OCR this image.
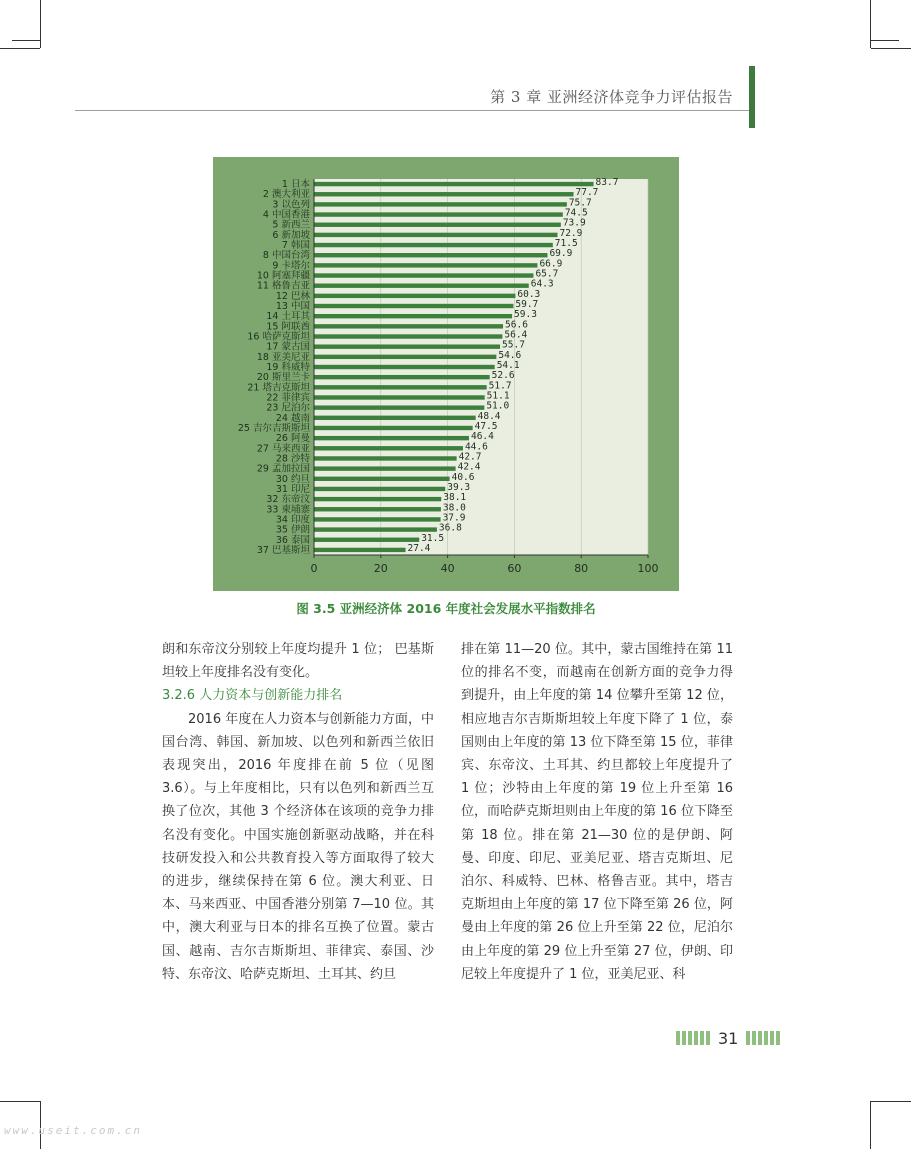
第 3 章 亚洲经济体竞争力评估报告
1 日本	83.7
2 澳大利亚	77.7
3 以色列	75.7
4 中国香港	74.5
5 新西兰	73.9
6 新加坡	72.9
7 韩国	71.5
8 中国台湾	69.9
9 卡塔尔	66.9
10 阿塞拜疆	65.7
11 格鲁吉亚	64.3
12 巴林	60.3
13 中国	59.7
14 土耳其	59.3
15 阿联酋	56.6
16 哈萨克斯坦	56.4
17 蒙古国	55.7
18 亚美尼亚	54.6
19 科威特	54.1
20 斯里兰卡	52.6
21 塔吉克斯坦	51.7
22 菲律宾	51.1
23 尼泊尔	51.0
24 越南	48.4
25 吉尔吉斯斯坦	47.5
26 阿曼	46.4
27 马来西亚	44.6
28 沙特	42.7
29 孟加拉国	42.4
30 约旦	40.6
31 印尼	39.3
32 东帝汶	38.1
33 柬埔寨	38.0
34 印度	37.9
35 伊朗	36.8
36 泰国	31.5
37 巴基斯坦	27.4
0	20	40	60	80	100
图 3.5 亚洲经济体 2016 年度社会发展水平指数排名

朗和东帝汶分别较上年度均提升 1 位； 巴基斯坦较上年度排名没有变化。

3.2.6 人力资本与创新能力排名

2016 年度在人力资本与创新能力方面，中国台湾、韩国、新加坡、以色列和新西兰依旧表现突出，2016 年度排在前 5 位（见图 3.6）。与上年度相比，只有以色列和新西兰互换了位次，其他 3 个经济体在该项的竞争力排名没有变化。中国实施创新驱动战略，并在科技研发投入和公共教育投入等方面取得了较大的进步，继续保持在第 6 位。澳大利亚、日本、马来西亚、中国香港分别第 7—10 位。其中，澳大利亚与日本的排名互换了位置。蒙古国、越南、吉尔吉斯斯坦、菲律宾、泰国、沙特、东帝汶、哈萨克斯坦、土耳其、约旦

排在第 11—20 位。其中，蒙古国维持在第 11 位的排名不变，而越南在创新方面的竞争力得到提升，由上年度的第 14 位攀升至第 12 位，相应地吉尔吉斯斯坦较上年度下降了 1 位，泰国则由上年度的第 13 位下降至第 15 位，菲律宾、东帝汶、土耳其、约旦都较上年度提升了 1 位；沙特由上年度的第 19 位上升至第 16 位，而哈萨克斯坦则由上年度的第 16 位下降至第 18 位。排在第 21—30 位的是伊朗、阿曼、印度、印尼、亚美尼亚、塔吉克斯坦、尼泊尔、科威特、巴林、格鲁吉亚。其中，塔吉克斯坦由上年度的第 17 位下降至第 26 位，阿曼由上年度的第 26 位上升至第 22 位，尼泊尔由上年度的第 29 位上升至第 27 位，伊朗、印尼较上年度提升了 1 位，亚美尼亚、科

31
www.useit.com.cn
